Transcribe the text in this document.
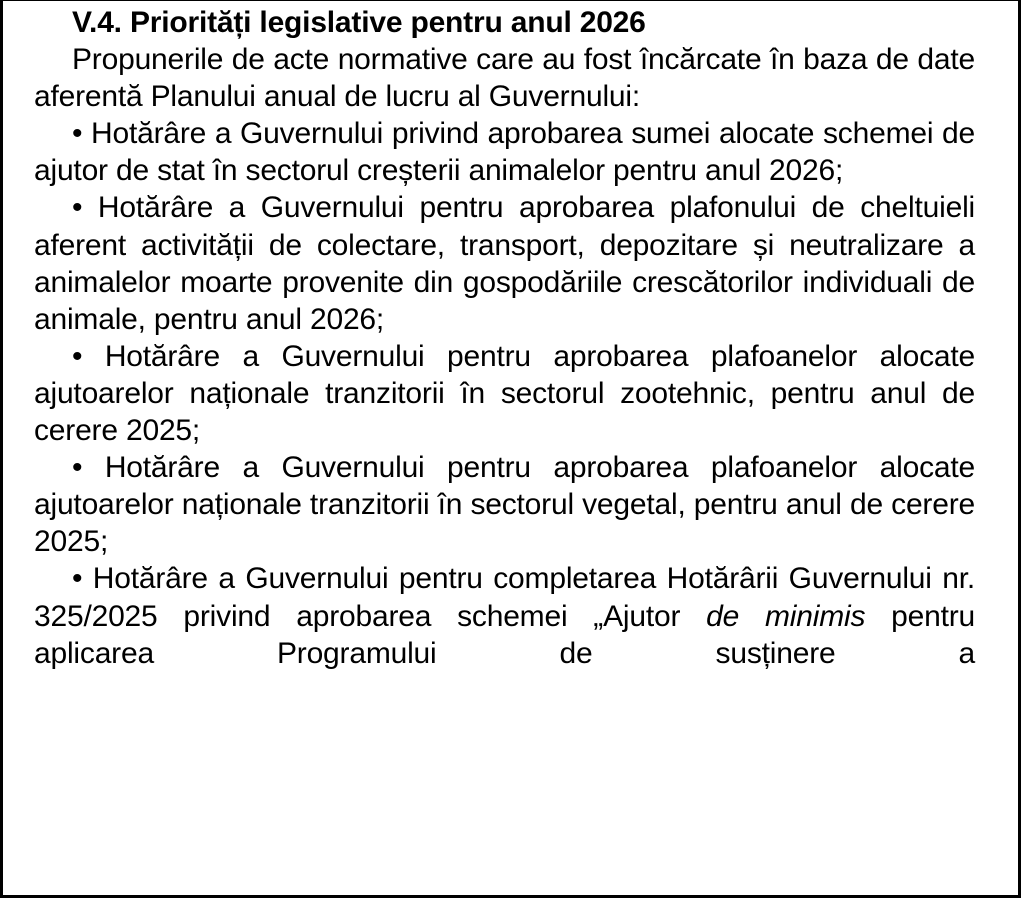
V.4. Priorități legislative pentru anul 2026

Propunerile de acte normative care au fost încărcate în baza de date aferentă Planului anual de lucru al Guvernului:

• Hotărâre a Guvernului privind aprobarea sumei alocate schemei de ajutor de stat în sectorul creșterii animalelor pentru anul 2026;

• Hotărâre a Guvernului pentru aprobarea plafonului de cheltuieli aferent activității de colectare, transport, depozitare și neutralizare a animalelor moarte provenite din gospodăriile crescătorilor individuali de animale, pentru anul 2026;

• Hotărâre a Guvernului pentru aprobarea plafoanelor alocate ajutoarelor naționale tranzitorii în sectorul zootehnic, pentru anul de cerere 2025;

• Hotărâre a Guvernului pentru aprobarea plafoanelor alocate ajutoarelor naționale tranzitorii în sectorul vegetal, pentru anul de cerere 2025;

• Hotărâre a Guvernului pentru completarea Hotărârii Guvernului nr. 325/2025 privind aprobarea schemei „Ajutor de minimis pentru aplicarea Programului de susținere a
